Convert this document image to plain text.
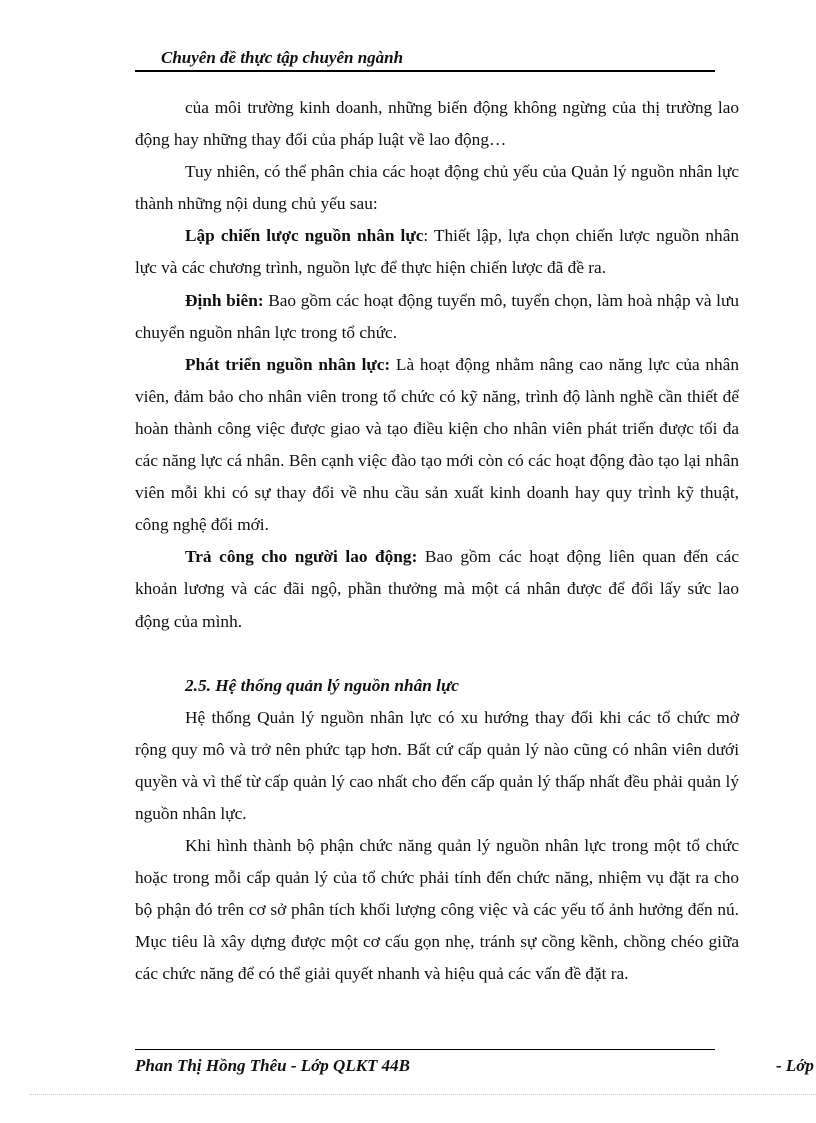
Chuyên đề thực tập chuyên ngành

của môi trường kinh doanh, những biến động không ngừng của thị trường lao động hay những thay đổi của pháp luật về lao động…

Tuy nhiên, có thể phân chia các hoạt động chủ yếu của Quản lý nguồn nhân lực thành những nội dung chủ yếu sau:

Lập chiến lược nguồn nhân lực: Thiết lập, lựa chọn chiến lược nguồn nhân lực và các chương trình, nguồn lực để thực hiện chiến lược đã đề ra.

Định biên: Bao gồm các hoạt động tuyển mô, tuyển chọn, làm hoà nhập và lưu chuyển nguồn nhân lực trong tổ chức.

Phát triển nguồn nhân lực: Là hoạt động nhằm nâng cao năng lực của nhân viên, đảm bảo cho nhân viên trong tổ chức có kỹ năng, trình độ lành nghề cần thiết để hoàn thành công việc được giao và tạo điều kiện cho nhân viên phát triển được tối đa các năng lực cá nhân. Bên cạnh việc đào tạo mới còn có các hoạt động đào tạo lại nhân viên mỗi khi có sự thay đổi về nhu cầu sản xuất kinh doanh hay quy trình kỹ thuật, công nghệ đổi mới.

Trả công cho người lao động: Bao gồm các hoạt động liên quan đến các khoản lương và các đãi ngộ, phần thưởng mà một cá nhân được để đổi lấy sức lao động của mình.

2.5. Hệ thống quản lý nguồn nhân lực

Hệ thống Quản lý nguồn nhân lực có xu hướng thay đổi khi các tổ chức mở rộng quy mô và trở nên phức tạp hơn. Bất cứ cấp quản lý nào cũng có nhân viên dưới quyền và vì thế từ cấp quản lý cao nhất cho đến cấp quản lý thấp nhất đều phải quản lý nguồn nhân lực.

Khi hình thành bộ phận chức năng quản lý nguồn nhân lực trong một tổ chức hoặc trong mỗi cấp quản lý của tổ chức phải tính đến chức năng, nhiệm vụ đặt ra cho bộ phận đó trên cơ sở phân tích khối lượng công việc và các yếu tố ảnh hưởng đến nú. Mục tiêu là xây dựng được một cơ cấu gọn nhẹ, tránh sự cồng kềnh, chồng chéo giữa các chức năng để có thể giải quyết nhanh và hiệu quả các vấn đề đặt ra.

Phan Thị Hồng Thêu - Lớp QLKT 44B	- Lớp
